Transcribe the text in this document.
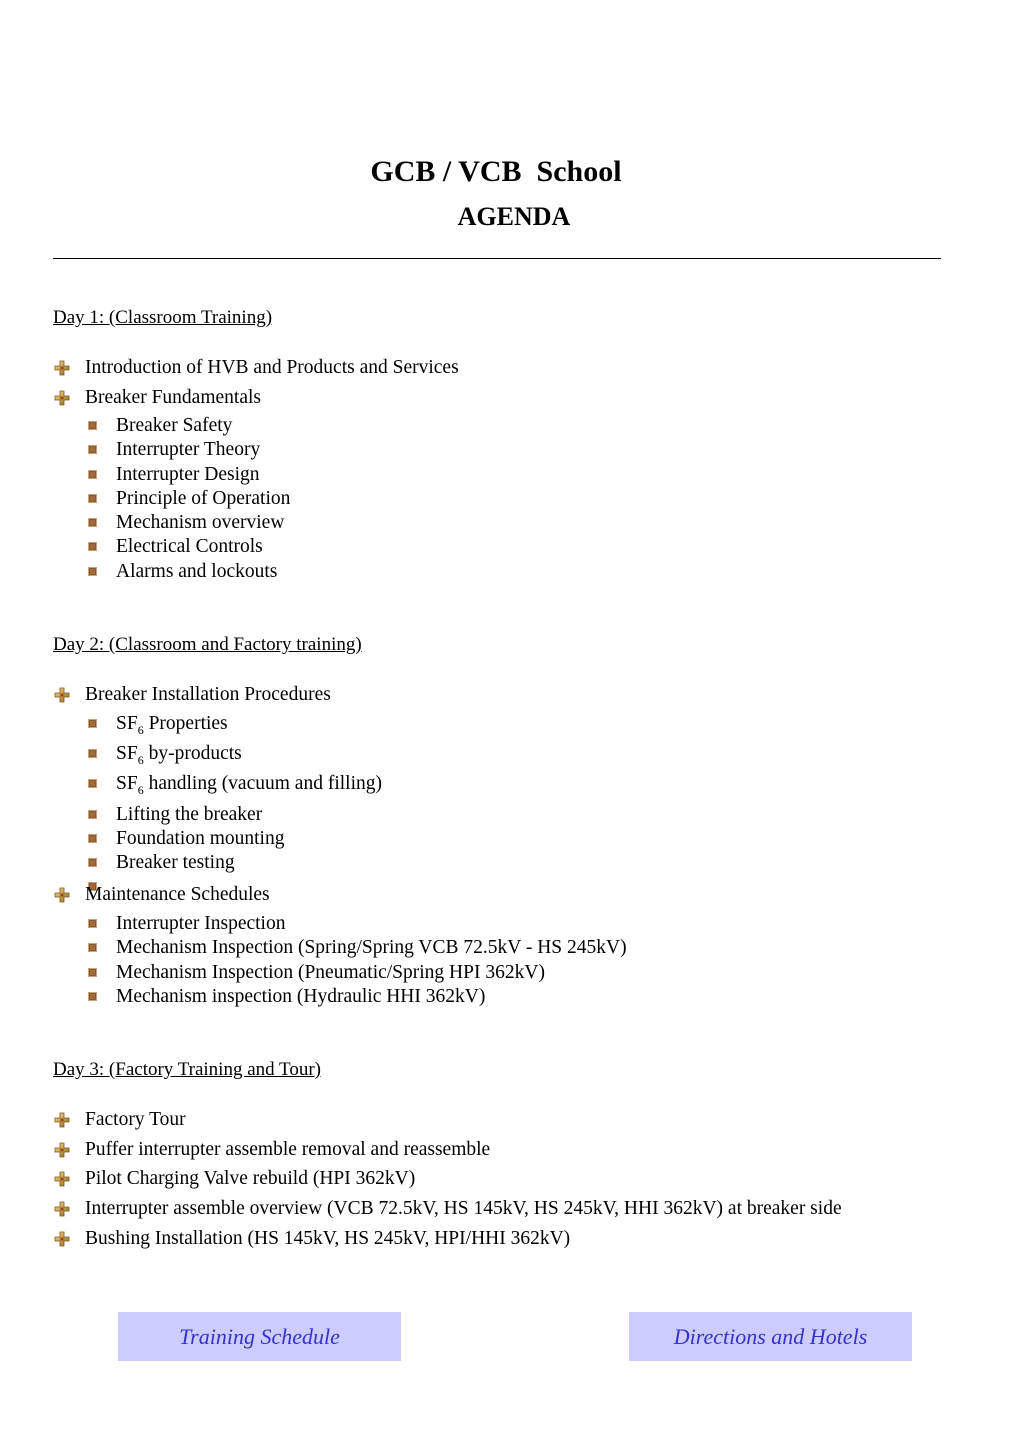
GCB / VCB  School
AGENDA
Day 1: (Classroom Training)
Introduction of HVB and Products and Services
Breaker Fundamentals
Breaker Safety
Interrupter Theory
Interrupter Design
Principle of Operation
Mechanism overview
Electrical Controls
Alarms and lockouts
Day 2: (Classroom and Factory training)
Breaker Installation Procedures
$SF_6$ Properties
$SF_6$ by-products
$SF_6$ handling (vacuum and filling)
Lifting the breaker
Foundation mounting
Breaker testing
Maintenance Schedules
Interrupter Inspection
Mechanism Inspection (Spring/Spring VCB 72.5kV - HS 245kV)
Mechanism Inspection (Pneumatic/Spring HPI 362kV)
Mechanism inspection (Hydraulic HHI 362kV)
Day 3: (Factory Training and Tour)
Factory Tour
Puffer interrupter assemble removal and reassemble
Pilot Charging Valve rebuild (HPI 362kV)
Interrupter assemble overview (VCB 72.5kV, HS 145kV, HS 245kV, HHI 362kV) at breaker side
Bushing Installation (HS 145kV, HS 245kV, HPI/HHI 362kV)
Training Schedule	Directions and Hotels
